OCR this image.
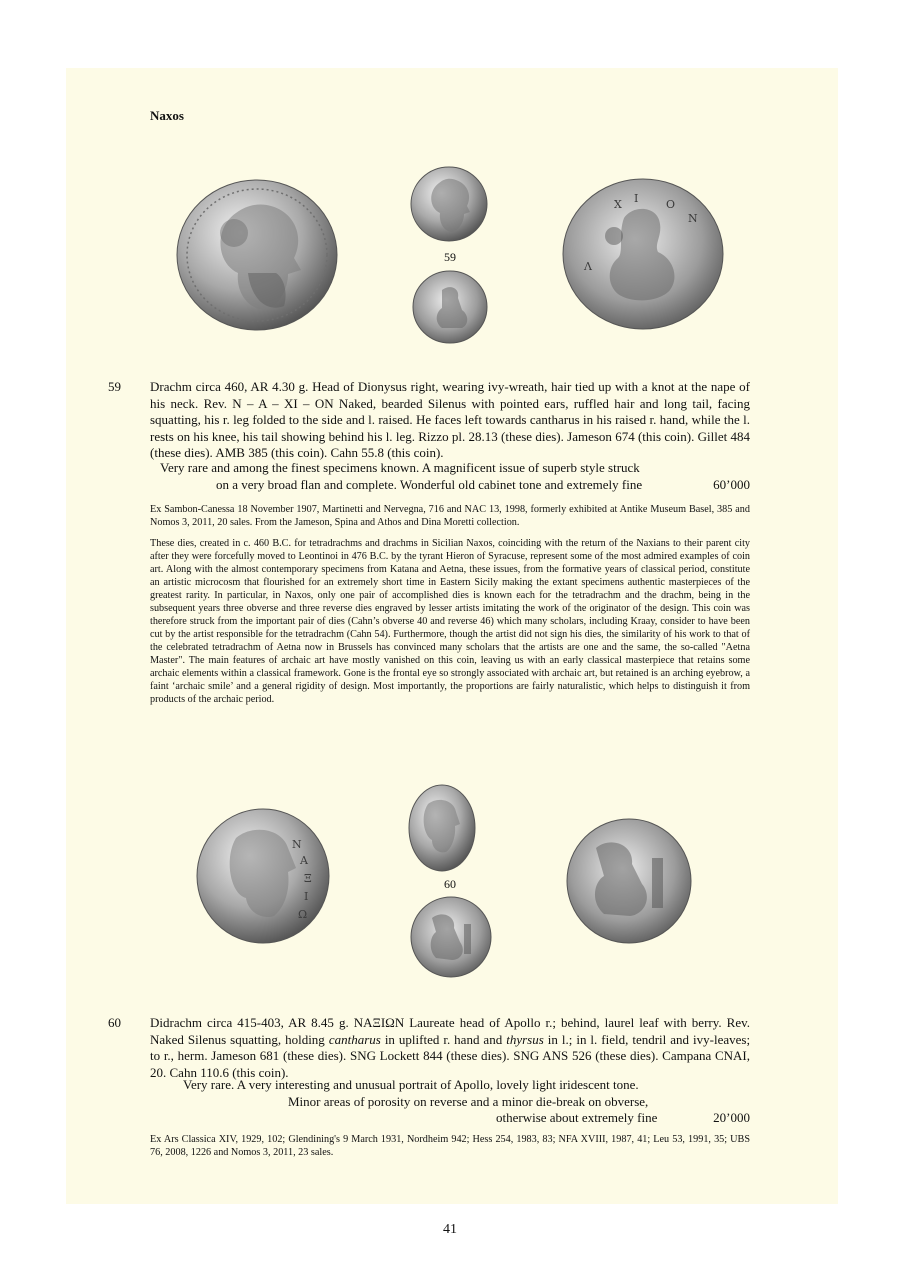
Naxos
59
Λ
Χ Ι	Ο
Ν
59 Drachm circa 460, AR 4.30 g. Head of Dionysus right, wearing ivy-wreath, hair tied up with a knot at the nape of his neck. Rev. N – A – XI – ON Naked, bearded Silenus with pointed ears, ruffled hair and long tail, facing squatting, his r. leg folded to the side and l. raised. He faces left towards cantharus in his raised r. hand, while the l. rests on his knee, his tail showing behind his l. leg. Rizzo pl. 28.13 (these dies). Jameson 674 (this coin). Gillet 484 (these dies). AMB 385 (this coin). Cahn 55.8 (this coin).
Very rare and among the finest specimens known. A magnificent issue of superb style struck
on a very broad flan and complete. Wonderful old cabinet tone and extremely fine	60’000
Ex Sambon-Canessa 18 November 1907, Martinetti and Nervegna, 716 and NAC 13, 1998, formerly exhibited at Antike Museum Basel, 385 and Nomos 3, 2011, 20 sales. From the Jameson, Spina and Athos and Dina Moretti collection.
These dies, created in c. 460 B.C. for tetradrachms and drachms in Sicilian Naxos, coinciding with the return of the Naxians to their parent city after they were forcefully moved to Leontinoi in 476 B.C. by the tyrant Hieron of Syracuse, represent some of the most admired examples of coin art. Along with the almost contemporary specimens from Katana and Aetna, these issues, from the formative years of classical period, constitute an artistic microcosm that flourished for an extremely short time in Eastern Sicily making the extant specimens authentic masterpieces of the greatest rarity. In particular, in Naxos, only one pair of accomplished dies is known each for the tetradrachm and the drachm, being in the subsequent years three obverse and three reverse dies engraved by lesser artists imitating the work of the originator of the design. This coin was therefore struck from the important pair of dies (Cahn’s obverse 40 and reverse 46) which many scholars, including Kraay, consider to have been cut by the artist responsible for the tetradrachm (Cahn 54). Furthermore, though the artist did not sign his dies, the similarity of his work to that of the celebrated tetradrachm of Aetna now in Brussels has convinced many scholars that the artists are one and the same, the so-called "Aetna Master". The main features of archaic art have mostly vanished on this coin, leaving us with an early classical masterpiece that retains some archaic elements within a classical framework. Gone is the frontal eye so strongly associated with archaic art, but retained is an arching eyebrow, a faint ‘archaic smile’ and a general rigidity of design. Most importantly, the proportions are fairly naturalistic, which helps to distinguish it from products of the archaic period.
Ν
Α
Ξ
Ι
Ω
60
60 Didrachm circa 415-403, AR 8.45 g. ΝΑΞΙΩΝ Laureate head of Apollo r.; behind, laurel leaf with berry. Rev. Naked Silenus squatting, holding cantharus in uplifted r. hand and thyrsus in l.; in l. field, tendril and ivy-leaves; to r., herm. Jameson 681 (these dies). SNG Lockett 844 (these dies). SNG ANS 526 (these dies). Campana CNAI, 20. Cahn 110.6 (this coin).
Very rare. A very interesting and unusual portrait of Apollo, lovely light iridescent tone.
Minor areas of porosity on reverse and a minor die-break on obverse,
otherwise about extremely fine	20’000
Ex Ars Classica XIV, 1929, 102; Glendining's 9 March 1931, Nordheim 942; Hess 254, 1983, 83; NFA XVIII, 1987, 41; Leu 53, 1991, 35; UBS 76, 2008, 1226 and Nomos 3, 2011, 23 sales.
41
